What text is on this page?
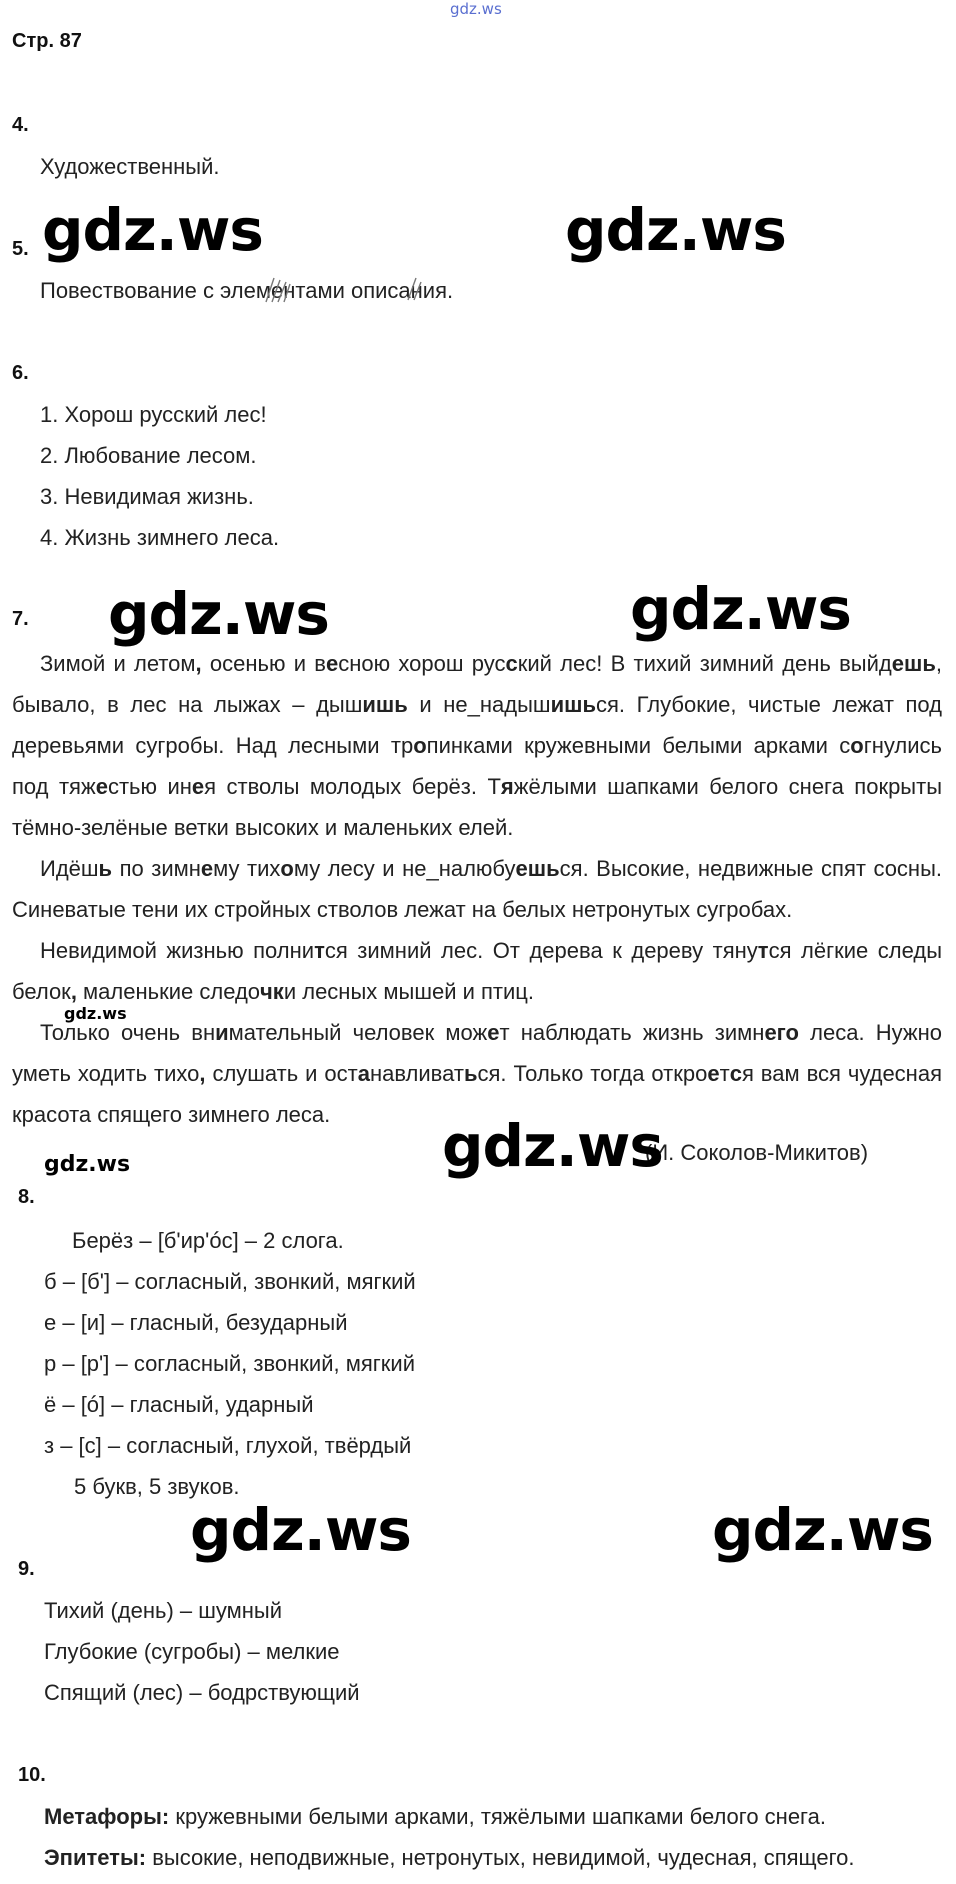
gdz.ws
Стр. 87
4.
Художественный.
5.
Повествование с элементами описания.
6.
1. Хорош русский лес!
2. Любование лесом.
3. Невидимая жизнь.
4. Жизнь зимнего леса.
7.
Зимой и летом, осенью и весною хорош русский лес! В тихий зимний день выйдешь, бывало, в лес на лыжах – дышишь и не_надышишься. Глубокие, чистые лежат под деревьями сугробы. Над лесными тропинками кружевными белыми арками согнулись под тяжестью инея стволы молодых берёз. Тяжёлыми шапками белого снега покрыты тёмно-зелёные ветки высоких и маленьких елей.
Идёшь по зимнему тихому лесу и не_налюбуешься. Высокие, недвижные спят сосны. Синеватые тени их стройных стволов лежат на белых нетронутых сугробах.
Невидимой жизнью полнится зимний лес. От дерева к дереву тянутся лёгкие следы белок, маленькие следочки лесных мышей и птиц.
Только очень внимательный человек может наблюдать жизнь зимнего леса. Нужно уметь ходить тихо, слушать и останавливаться. Только тогда откроется вам вся чудесная красота спящего зимнего леса.
(И. Соколов-Микитов)
8.
Берёз – [б'ир'óс] – 2 слога.
б – [б'] – согласный, звонкий, мягкий
е – [и] – гласный, безударный
р – [р'] – согласный, звонкий, мягкий
ё – [ó] – гласный, ударный
з – [с] – согласный, глухой, твёрдый
5 букв, 5 звуков.
9.
Тихий (день) – шумный
Глубокие (сугробы) – мелкие
Спящий (лес) – бодрствующий
10.
Метафоры: кружевными белыми арками, тяжёлыми шапками белого снега.
Эпитеты: высокие, неподвижные, нетронутых, невидимой, чудесная, спящего.
gdz.ws	gdz.ws
gdz.ws	gdz.ws
gdz.ws
gdz.ws	gdz.ws
gdz.ws
gdz.ws
